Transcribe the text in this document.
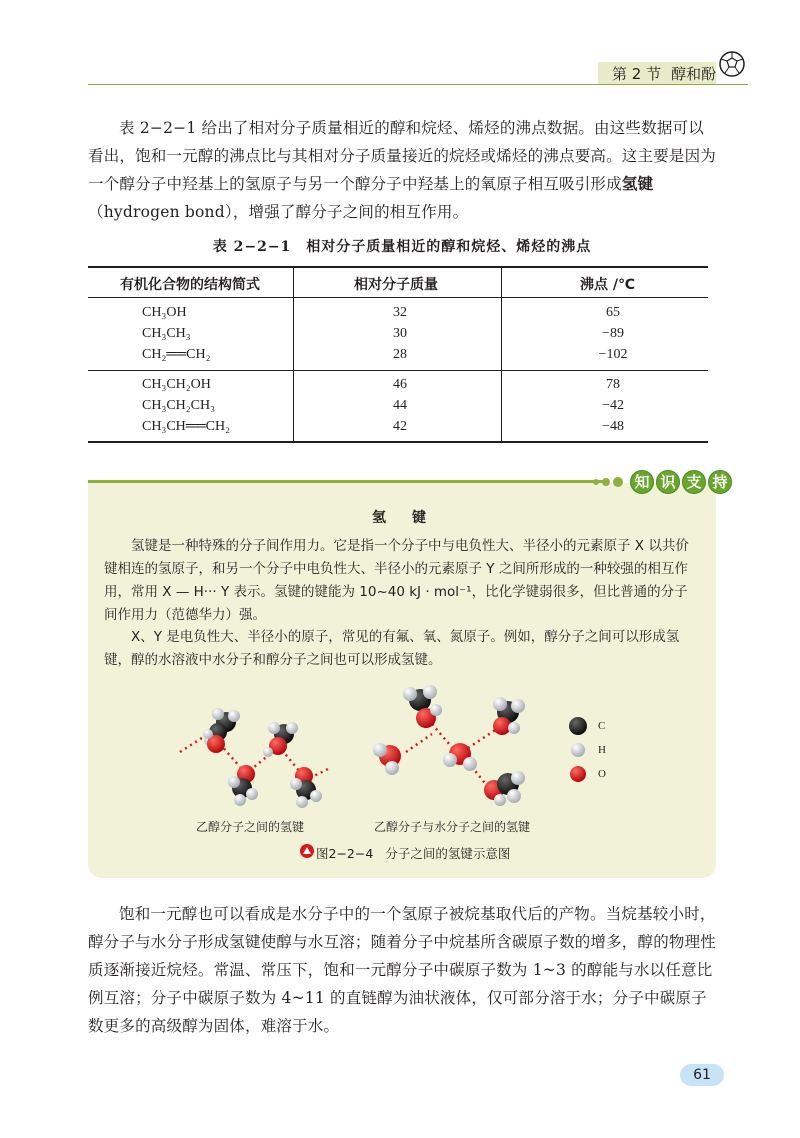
第 2 节 醇和酚

表 2−2−1 给出了相对分子质量相近的醇和烷烃、烯烃的沸点数据。由这些数据可以看出，饱和一元醇的沸点比与其相对分子质量接近的烷烃或烯烃的沸点要高。这主要是因为一个醇分子中羟基上的氢原子与另一个醇分子中羟基上的氧原子相互吸引形成氢键（hydrogen bond），增强了醇分子之间的相互作用。

表 2−2−1　相对分子质量相近的醇和烷烃、烯烃的沸点
有机化合物的结构简式	相对分子质量	沸点 /℃
CH₃OH	32	65
CH₃CH₃	30	−89
CH₂══CH₂	28	−102
CH₃CH₂OH	46	78
CH₃CH₂CH₃	44	−42
CH₃CH══CH₂	42	−48
知 识 支 持
氢　键

氢键是一种特殊的分子间作用力。它是指一个分子中与电负性大、半径小的元素原子 X 以共价键相连的氢原子，和另一个分子中电负性大、半径小的元素原子 Y 之间所形成的一种较强的相互作用，常用 X — H··· Y 表示。氢键的键能为 10~40 kJ · mol⁻¹，比化学键弱很多，但比普通的分子间作用力（范德华力）强。

X、Y 是电负性大、半径小的原子，常见的有氟、氧、氮原子。例如，醇分子之间可以形成氢键，醇的水溶液中水分子和醇分子之间也可以形成氢键。

C
H
O
乙醇分子之间的氢键	乙醇分子与水分子之间的氢键
图2−2−4 分子之间的氢键示意图

饱和一元醇也可以看成是水分子中的一个氢原子被烷基取代后的产物。当烷基较小时，醇分子与水分子形成氢键使醇与水互溶；随着分子中烷基所含碳原子数的增多，醇的物理性质逐渐接近烷烃。常温、常压下，饱和一元醇分子中碳原子数为 1~3 的醇能与水以任意比例互溶；分子中碳原子数为 4~11 的直链醇为油状液体，仅可部分溶于水；分子中碳原子数更多的高级醇为固体，难溶于水。

61
